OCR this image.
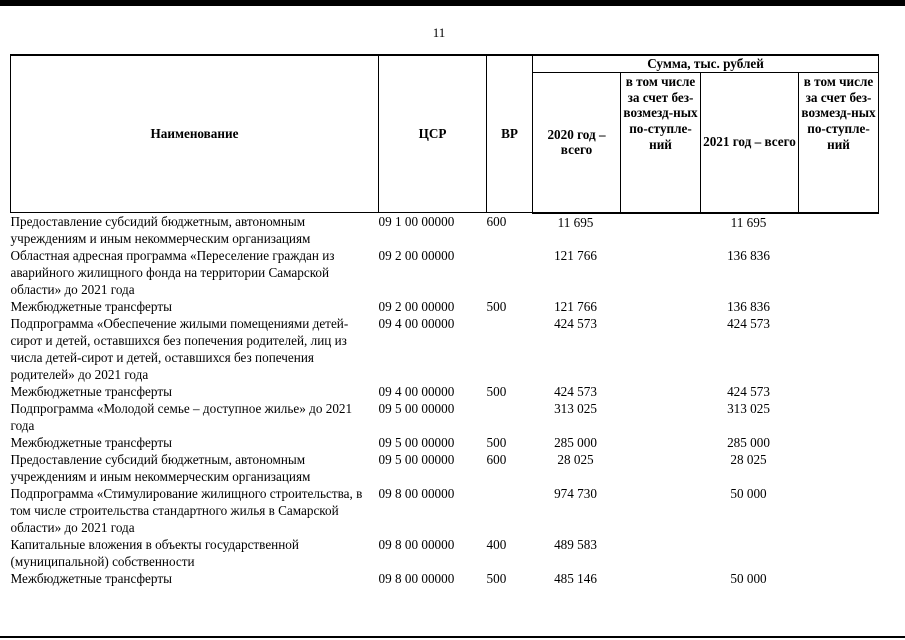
11
Наименование	ЦСР	ВР	Сумма, тыс. рублей			
			2020 год – всего	в том числе за счет без-возмезд-ных по-ступле-ний	2021 год – всего	в том числе за счет без-возмезд-ных по-ступле-ний
Предоставление субсидий бюджетным, автономным учреждениям и иным некоммерческим организациям	09 1 00 00000	600	11 695		11 695	
Областная адресная программа «Переселение граждан из аварийного жилищного фонда на территории Самарской области» до 2021 года	09 2 00 00000		121 766		136 836	
Межбюджетные трансферты	09 2 00 00000	500	121 766		136 836	
Подпрограмма «Обеспечение жилыми помещениями детей-сирот и детей, оставшихся без попечения родителей, лиц из числа детей-сирот и детей, оставшихся без попечения родителей» до 2021 года	09 4 00 00000		424 573		424 573	
Межбюджетные трансферты	09 4 00 00000	500	424 573		424 573	
Подпрограмма «Молодой семье – доступное жилье» до 2021 года	09 5 00 00000		313 025		313 025	
Межбюджетные трансферты	09 5 00 00000	500	285 000		285 000	
Предоставление субсидий бюджетным, автономным учреждениям и иным некоммерческим организациям	09 5 00 00000	600	28 025		28 025	
Подпрограмма «Стимулирование жилищного строительства, в том числе строительства стандартного жилья в Самарской области» до 2021 года	09 8 00 00000		974 730		50 000	
Капитальные вложения в объекты государственной (муниципальной) собственности	09 8 00 00000	400	489 583			
Межбюджетные трансферты	09 8 00 00000	500	485 146		50 000	
